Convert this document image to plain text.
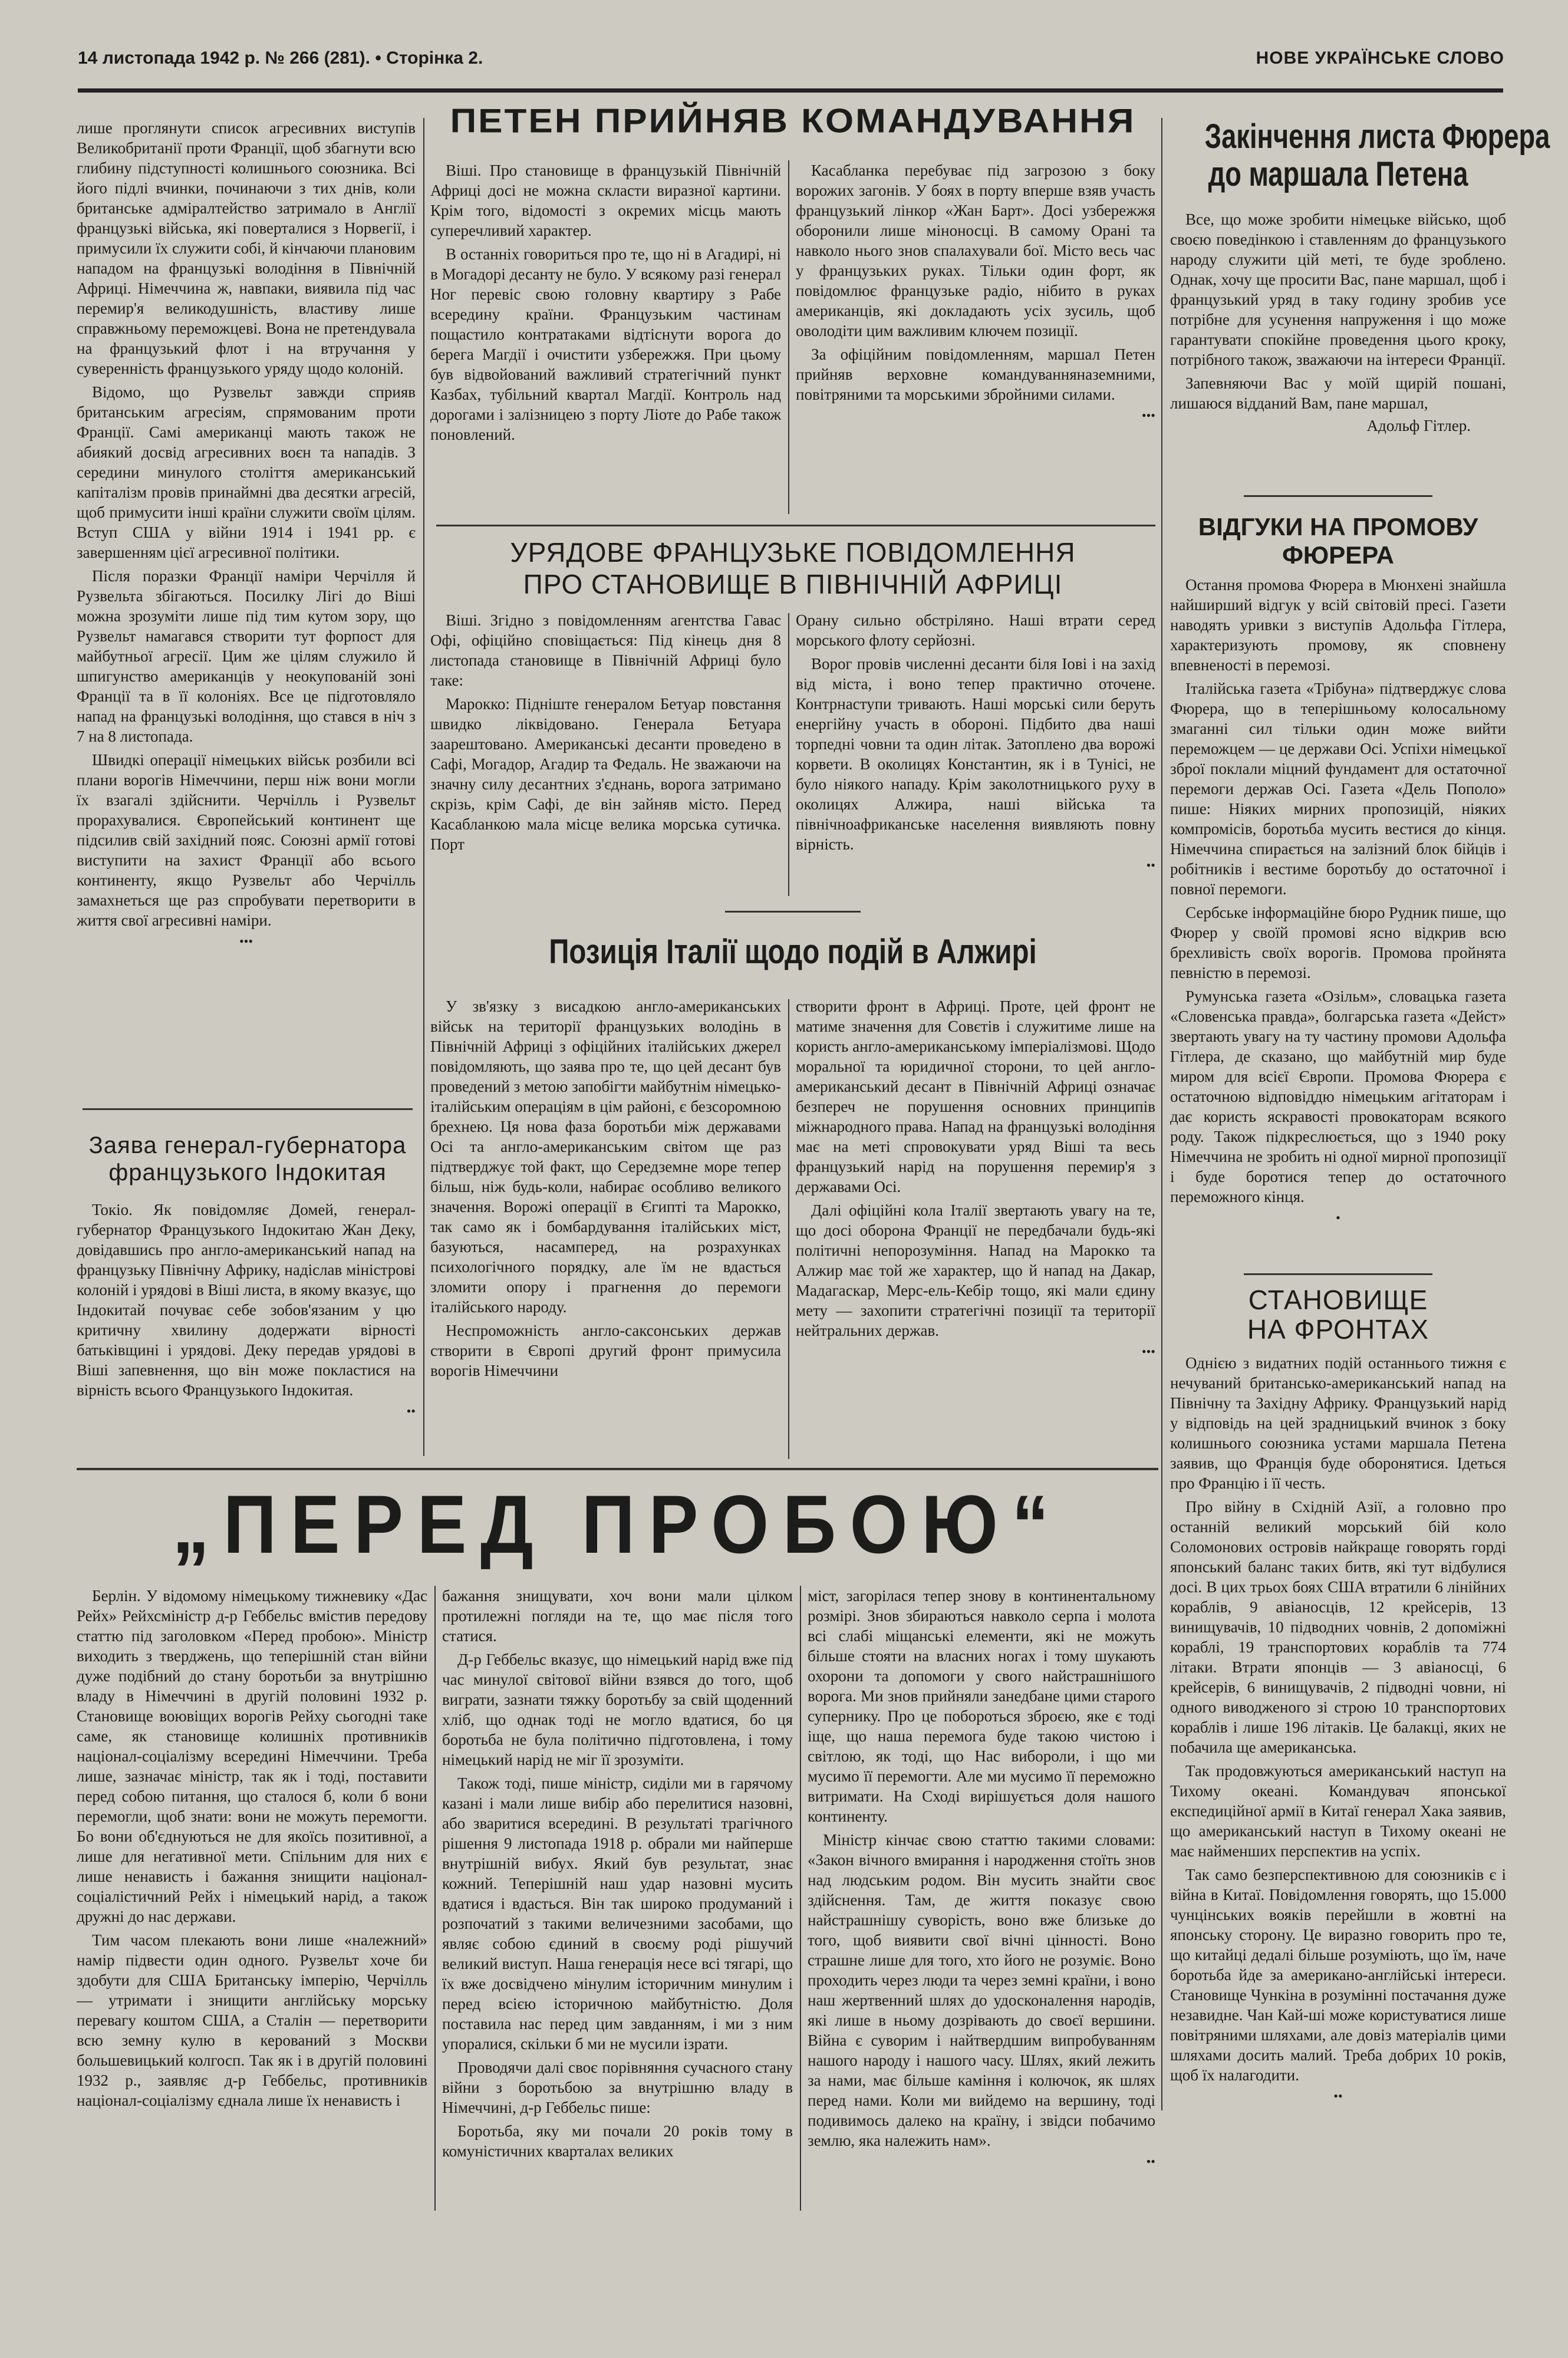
14 листопада 1942 р. № 266 (281). • Сторінка 2.	НОВЕ УКРАЇНСЬКЕ СЛОВО

лише проглянути список агресивних виступів Великобританії проти Франції, щоб збагнути всю глибину підступності колишнього союзника. Всі його підлі вчинки, починаючи з тих днів, коли британське адміралтейство затримало в Англії французькі війська, які поверталися з Норвегії, і примусили їх служити собі, й кінчаючи плановим нападом на французькі володіння в Північній Африці. Німеччина ж, навпаки, виявила під час перемир'я великодушність, властиву лише справжньому переможцеві. Вона не претендувала на французький флот і на втручання у суверенність французького уряду щодо колоній.

Відомо, що Рузвельт завжди сприяв британським агресіям, спрямованим проти Франції. Самі американці мають також не абиякий досвід агресивних воєн та нападів. З середини минулого століття американський капіталізм провів принаймні два десятки агресій, щоб примусити інші країни служити своїм цілям. Вступ США у війни 1914 і 1941 рр. є завершенням цієї агресивної політики.

Після поразки Франції наміри Черчілля й Рузвельта збігаються. Посилку Лігі до Віші можна зрозуміти лише під тим кутом зору, що Рузвельт намагався створити тут форпост для майбутньої агресії. Цим же цілям служило й шпигунство американців у неокупованій зоні Франції та в її колоніях. Все це підготовляло напад на французькі володіння, що стався в ніч з 7 на 8 листопада.

Швидкі операції німецьких військ розбили всі плани ворогів Німеччини, перш ніж вони могли їх взагалі здійснити. Черчілль і Рузвельт прорахувалися. Європейський континент ще підсилив свій західний пояс. Союзні армії готові виступити на захист Франції або всього континенту, якщо Рузвельт або Черчілль замахнеться ще раз спробувати перетворити в життя свої агресивні наміри.

•••
Заява генерал-губернатора французького Індокитая

Токіо. Як повідомляє Домей, генерал-губернатор Французького Індокитаю Жан Деку, довідавшись про англо-американський напад на французьку Північну Африку, надіслав міністрові колоній і урядові в Віші листа, в якому вказує, що Індокитай почуває себе зобов'язаним у цю критичну хвилину додержати вірності батьківщині і урядові. Деку передав урядові в Віші запевнення, що він може покластися на вірність всього Французького Індокитая.

••
ПЕТЕН ПРИЙНЯВ КОМАНДУВАННЯ

Віші. Про становище в французькій Північній Африці досі не можна скласти виразної картини. Крім того, відомості з окремих місць мають суперечливий характер.

В останніх говориться про те, що ні в Агадирі, ні в Могадорі десанту не було. У всякому разі генерал Ног перевіс свою головну квартиру з Рабе всередину країни. Французьким частинам пощастило контратаками відтіснути ворога до берега Магдії і очистити узбережжя. При цьому був відвойований важливий стратегічний пункт Казбах, тубільний квартал Магдії. Контроль над дорогами і залізницею з порту Ліоте до Рабе також поновлений.

Касабланка перебуває під загрозою з боку ворожих загонів. У боях в порту вперше взяв участь французький лінкор «Жан Барт». Досі узбережжя оборонили лише міноносці. В самому Орані та навколо нього знов спалахували бої. Місто весь час у французьких руках. Тільки один форт, як повідомлює французьке радіо, нібито в руках американців, які докладають усіх зусиль, щоб оволодіти цим важливим ключем позиції.

За офіційним повідомленням, маршал Петен прийняв верховне командуванняназемними, повітряними та морськими збройними силами.

•••
УРЯДОВЕ ФРАНЦУЗЬКЕ ПОВІДОМЛЕННЯ
ПРО СТАНОВИЩЕ В ПІВНІЧНІЙ АФРИЦІ

Віші. Згідно з повідомленням агентства Гавас Офі, офіційно сповіщається: Під кінець дня 8 листопада становище в Північній Африці було таке:

Марокко: Підніште генералом Бетуар повстання швидко ліквідовано. Генерала Бетуара заарештовано. Американські десанти проведено в Сафі, Могадор, Агадир та Федаль. Не зважаючи на значну силу десантних з'єднань, ворога затримано скрізь, крім Сафі, де він зайняв місто. Перед Касабланкою мала місце велика морська сутичка. Порт

Орану сильно обстріляно. Наші втрати серед морського флоту серйозні.

Ворог провів численні десанти біля Іові і на захід від міста, і воно тепер практично оточене. Контрнаступи тривають. Наші морські сили беруть енергійну участь в обороні. Підбито два наші торпедні човни та один літак. Затоплено два ворожі корвети. В околицях Константин, як і в Тунісі, не було ніякого нападу. Крім заколотницького руху в околицях Алжира, наші війська та північноафриканське населення виявляють повну вірність.

••
Позиція Італії щодо подій в Алжирі

У зв'язку з висадкою англо-американських військ на території французьких володінь в Північній Африці з офіційних італійських джерел повідомляють, що заява про те, що цей десант був проведений з метою запобігти майбутнім німецько-італійським операціям в цім районі, є безсоромною брехнею. Ця нова фаза боротьби між державами Осі та англо-американським світом ще раз підтверджує той факт, що Середземне море тепер більш, ніж будь-коли, набирає особливо великого значення. Ворожі операції в Єгипті та Марокко, так само як і бомбардування італійських міст, базуються, насамперед, на розрахунках психологічного порядку, але їм не вдасться зломити опору і прагнення до перемоги італійського народу.

Неспроможність англо-саксонських держав створити в Європі другий фронт примусила ворогів Німеччини

створити фронт в Африці. Проте, цей фронт не матиме значення для Совєтів і служитиме лише на користь англо-американському імперіалізмові. Щодо моральної та юридичної сторони, то цей англо-американський десант в Північній Африці означає безпереч не порушення основних принципів міжнародного права. Напад на французькі володіння має на меті спровокувати уряд Віші та весь французький нарід на порушення перемир'я з державами Осі.

Далі офіційні кола Італії звертають увагу на те, що досі оборона Франції не передбачали будь-які політичні непорозуміння. Напад на Марокко та Алжир має той же характер, що й напад на Дакар, Мадагаскар, Мерс-ель-Кебір тощо, які мали єдину мету — захопити стратегічні позиції та території нейтральних держав.

•••
Закінчення листа Фюрера
до маршала Петена

Все, що може зробити німецьке військо, щоб своєю поведінкою і ставленням до французького народу служити цій меті, те буде зроблено. Однак, хочу ще просити Вас, пане маршал, щоб і французький уряд в таку годину зробив усе потрібне для усунення напруження і що може гарантувати спокійне проведення цього кроку, потрібного також, зважаючи на інтереси Франції.

Запевняючи Вас у моїй щирій пошані, лишаюся відданий Вам, пане маршал,

Адольф Гітлер.
ВІДГУКИ НА ПРОМОВУ
ФЮРЕРА

Остання промова Фюрера в Мюнхені знайшла найширший відгук у всій світовій пресі. Газети наводять уривки з виступів Адольфа Гітлера, характеризують промову, як сповнену впевненості в перемозі.

Італійська газета «Трібуна» підтверджує слова Фюрера, що в теперішньому колосальному змаганні сил тільки один може вийти переможцем — це держави Осі. Успіхи німецької зброї поклали міцний фундамент для остаточної перемоги держав Осі. Газета «Дель Пополо» пише: Ніяких мирних пропозицій, ніяких компромісів, боротьба мусить вестися до кінця. Німеччина спирається на залізний блок бійців і робітників і вестиме боротьбу до остаточної і повної перемоги.

Сербське інформаційне бюро Рудник пише, що Фюрер у своїй промові ясно відкрив всю брехливість своїх ворогів. Промова пройнята певністю в перемозі.

Румунська газета «Озільм», словацька газета «Словенська правда», болгарська газета «Дейст» звертають увагу на ту частину промови Адольфа Гітлера, де сказано, що майбутній мир буде миром для всієї Європи. Промова Фюрера є остаточною відповіддю німецьким агітаторам і дає користь яскравості провокаторам всякого роду. Також підкреслюється, що з 1940 року Німеччина не зробить ні одної мирної пропозиції і буде боротися тепер до остаточного переможного кінця.

•
СТАНОВИЩЕ
НА ФРОНТАХ

Однією з видатних подій останнього тижня є нечуваний британсько-американський напад на Північну та Західну Африку. Французький нарід у відповідь на цей зрадницький вчинок з боку колишнього союзника устами маршала Петена заявив, що Франція буде оборонятися. Ідеться про Францію і її честь.

Про війну в Східній Азії, а головно про останній великий морський бій коло Соломонових островів найкраще говорять горді японський баланс таких битв, які тут відбулися досі. В цих трьох боях США втратили 6 лінійних кораблів, 9 авіаносців, 12 крейсерів, 13 винищувачів, 10 підводних човнів, 2 допоміжні кораблі, 19 транспортових кораблів та 774 літаки. Втрати японців — 3 авіаносці, 6 крейсерів, 6 винищувачів, 2 підводні човни, ні одного виводженого зі строю 10 транспортових кораблів і лише 196 літаків. Це балакці, яких не побачила ще американська.

Так продовжуються американський наступ на Тихому океані. Командувач японської експедиційної армії в Китаї генерал Хака заявив, що американський наступ в Тихому океані не має найменших перспектив на успіх.

Так само безперспективною для союзників є і війна в Китаї. Повідомлення говорять, що 15.000 чунцінських вояків перейшли в жовтні на японську сторону. Це виразно говорить про те, що китайці дедалі більше розуміють, що їм, наче боротьба йде за американо-англійські інтереси. Становище Чункіна в розумінні постачання дуже незавидне. Чан Кай-ші може користуватися лише повітряними шляхами, але довіз матеріалів цими шляхами досить малий. Треба добрих 10 років, щоб їх налагодити.

••
„ПЕРЕД ПРОБОЮ“

Берлін. У відомому німецькому тижневику «Дас Рейх» Рейхсміністр д-р Геббельс вмістив передову статтю під заголовком «Перед пробою». Міністр виходить з тверджень, що теперішній стан війни дуже подібний до стану боротьби за внутрішню владу в Німеччині в другій половині 1932 р. Становище воювіщих ворогів Рейху сьогодні таке саме, як становище колишніх противників націонал-соціалізму всередині Німеччини. Треба лише, зазначає міністр, так як і тоді, поставити перед собою питання, що сталося б, коли б вони перемогли, щоб знати: вони не можуть перемогти. Бо вони об'єднуються не для якоїсь позитивної, а лише для негативної мети. Спільним для них є лише ненависть і бажання знищити націонал-соціалістичний Рейх і німецький нарід, а також дружні до нас держави.

Тим часом плекають вони лише «належний» намір підвести один одного. Рузвельт хоче би здобути для США Британську імперію, Черчілль — утримати і знищити англійську морську перевагу коштом США, а Сталін — перетворити всю земну кулю в керований з Москви большевицький колгосп. Так як і в другій половині 1932 р., заявляє д-р Геббельс, противників націонал-соціалізму єднала лише їх ненависть і

бажання знищувати, хоч вони мали цілком протилежні погляди на те, що має після того статися.

Д-р Геббельс вказує, що німецький нарід вже під час минулої світової війни взявся до того, щоб виграти, зазнати тяжку боротьбу за свій щоденний хліб, що однак тоді не могло вдатися, бо ця боротьба не була політично підготовлена, і тому німецький нарід не міг її зрозуміти.

Також тоді, пише міністр, сиділи ми в гарячому казані і мали лише вибір або перелитися назовні, або зваритися всередині. В результаті трагічного рішення 9 листопада 1918 р. обрали ми найперше внутрішній вибух. Який був результат, знає кожний. Теперішній наш удар назовні мусить вдатися і вдасться. Він так широко продуманий і розпочатий з такими величезними засобами, що являє собою єдиний в своєму роді рішучий великий виступ. Наша генерація несе всі тягарі, що їх вже досвідчено мінулим історичним минулим і перед всією історичною майбутністю. Доля поставила нас перед цим завданням, і ми з ним упоралися, скільки б ми не мусили ізрати.

Проводячи далі своє порівняння сучасного стану війни з боротьбою за внутрішню владу в Німеччині, д-р Геббельс пише:

Боротьба, яку ми почали 20 років тому в комуністичних кварталах великих

міст, загорілася тепер знову в континентальному розмірі. Знов збираються навколо серпа і молота всі слабі міщанські елементи, які не можуть більше стояти на власних ногах і тому шукають охорони та допомоги у свого найстрашнішого ворога. Ми знов прийняли занедбане цими старого супернику. Про це побороться зброєю, яке є тоді іще, що наша перемога буде такою чистою і світлою, як тоді, що Нас вибороли, і що ми мусимо її перемогти. Але ми мусимо її переможно витримати. На Сході вирішується доля нашого континенту.

Міністр кінчає свою статтю такими словами: «Закон вічного вмирання і народження стоїть знов над людським родом. Він мусить знайти своє здійснення. Там, де життя показує свою найстрашнішу суворість, воно вже близьке до того, щоб виявити свої вічні цінності. Воно страшне лише для того, хто його не розуміє. Воно проходить через люди та через земні країни, і воно наш жертвенний шлях до удосконалення народів, які лише в ньому дозрівають до своєї вершини. Війна є суворим і найтвердшим випробуванням нашого народу і нашого часу. Шлях, який лежить за нами, має більше каміння і колючок, як шлях перед нами. Коли ми вийдемо на вершину, тоді подивимось далеко на країну, і звідси побачимо землю, яка належить нам».

••
